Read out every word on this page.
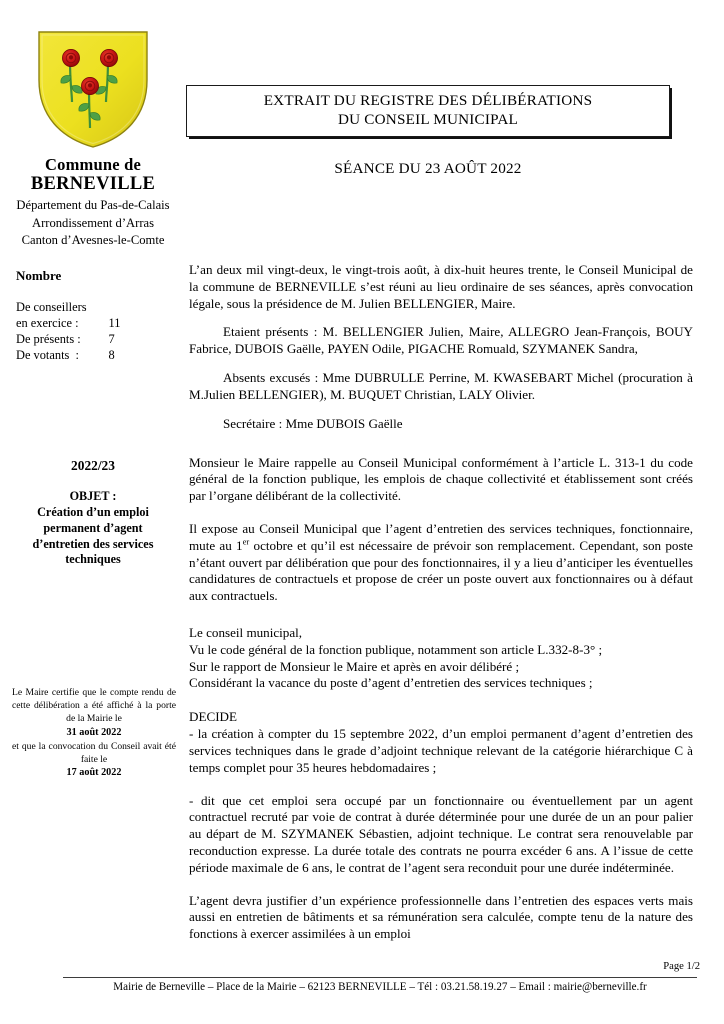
Commune de
BERNEVILLE
Département du Pas-de-Calais
Arrondissement d’Arras
Canton d’Avesnes-le-Comte
Nombre
De conseillers	
en exercice :	11
De présents :	7
De votants  :	8
2022/23
OBJET :
Création d’un emploi permanent d’agent d’entretien des services techniques
Le Maire certifie que le compte rendu de cette délibération a été affiché à la porte de la Mairie le
31 août 2022
et que la convocation du Conseil avait été faite le
17 août 2022
EXTRAIT DU REGISTRE DES DÉLIBÉRATIONS
DU CONSEIL MUNICIPAL
SÉANCE DU 23 AOÛT 2022

L’an deux mil vingt-deux, le vingt-trois août, à dix-huit heures trente, le Conseil Municipal de la commune de BERNEVILLE s’est réuni au lieu ordinaire de ses séances, après convocation légale, sous la présidence de M. Julien BELLENGIER, Maire.

Etaient présents : M. BELLENGIER Julien, Maire, ALLEGRO Jean-François, BOUY Fabrice, DUBOIS Gaëlle, PAYEN Odile, PIGACHE Romuald, SZYMANEK Sandra,

Absents excusés : Mme DUBRULLE Perrine, M. KWASEBART Michel (procuration à M.Julien BELLENGIER), M. BUQUET Christian, LALY Olivier.

Secrétaire : Mme DUBOIS Gaëlle

Monsieur le Maire rappelle au Conseil Municipal conformément à l’article L. 313-1 du code général de la fonction publique, les emplois de chaque collectivité et établissement sont créés par l’organe délibérant de la collectivité.

Il expose au Conseil Municipal que l’agent d’entretien des services techniques, fonctionnaire, mute au 1er octobre et qu’il est nécessaire de prévoir son remplacement. Cependant, son poste n’étant ouvert par délibération que pour des fonctionnaires, il y a lieu d’anticiper les éventuelles candidatures de contractuels et propose de créer un poste ouvert aux fonctionnaires ou à défaut aux contractuels.

Le conseil municipal,

Vu le code général de la fonction publique, notamment son article L.332-8-3° ;

Sur le rapport de Monsieur le Maire et après en avoir délibéré ;

Considérant la vacance du poste d’agent d’entretien des services techniques ;

DECIDE

- la création à compter du 15 septembre 2022, d’un emploi permanent d’agent d’entretien des services techniques dans le grade d’adjoint technique relevant de la catégorie hiérarchique C à temps complet pour 35 heures hebdomadaires ;

- dit que cet emploi sera occupé par un fonctionnaire ou éventuellement par un agent contractuel recruté par voie de contrat à durée déterminée pour une durée de un an pour palier au départ de M. SZYMANEK Sébastien, adjoint technique. Le contrat sera renouvelable par reconduction expresse. La durée totale des contrats ne pourra excéder 6 ans. A l’issue de cette période maximale de 6 ans, le contrat de l’agent sera reconduit pour une durée indéterminée.

L’agent devra justifier d’un expérience professionnelle dans l’entretien des espaces verts mais aussi en entretien de bâtiments et sa rémunération sera calculée, compte tenu de la nature des fonctions à exercer assimilées à un emploi

Page 1/2
Mairie de Berneville – Place de la Mairie – 62123 BERNEVILLE – Tél : 03.21.58.19.27 – Email : mairie@berneville.fr
